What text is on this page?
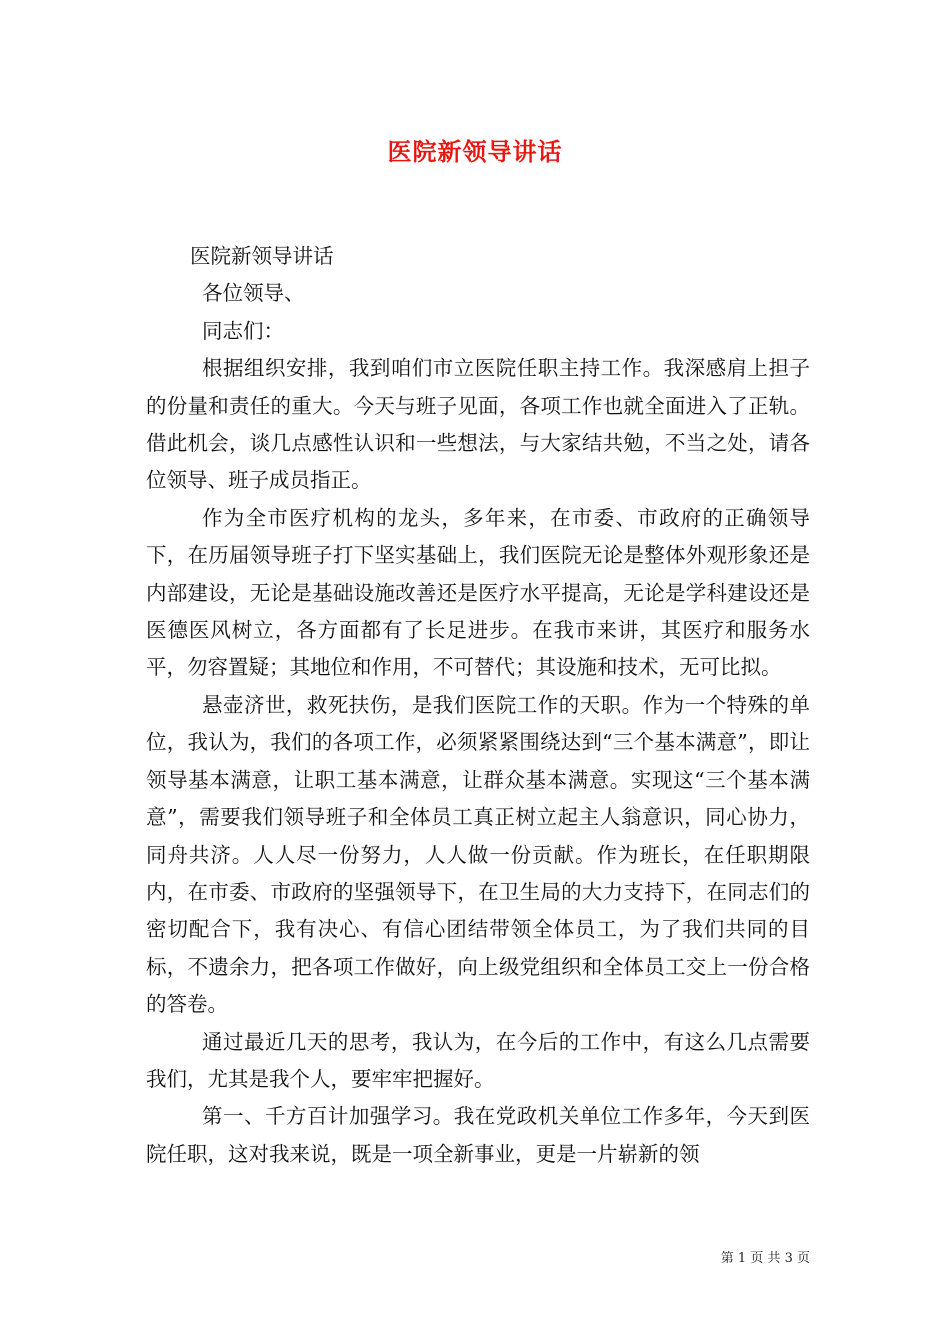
医院新领导讲话

医院新领导讲话

各位领导、

同志们：

根据组织安排，我到咱们市立医院任职主持工作。我深感肩上担子的份量和责任的重大。今天与班子见面，各项工作也就全面进入了正轨。借此机会，谈几点感性认识和一些想法，与大家结共勉，不当之处，请各位领导、班子成员指正。

作为全市医疗机构的龙头，多年来，在市委、市政府的正确领导下，在历届领导班子打下坚实基础上，我们医院无论是整体外观形象还是内部建设，无论是基础设施改善还是医疗水平提高，无论是学科建设还是医德医风树立，各方面都有了长足进步。在我市来讲，其医疗和服务水平，勿容置疑；其地位和作用，不可替代；其设施和技术，无可比拟。

悬壶济世，救死扶伤，是我们医院工作的天职。作为一个特殊的单位，我认为，我们的各项工作，必须紧紧围绕达到“三个基本满意”，即让领导基本满意，让职工基本满意，让群众基本满意。实现这“三个基本满意”，需要我们领导班子和全体员工真正树立起主人翁意识，同心协力，同舟共济。人人尽一份努力，人人做一份贡献。作为班长，在任职期限内，在市委、市政府的坚强领导下，在卫生局的大力支持下，在同志们的密切配合下，我有决心、有信心团结带领全体员工，为了我们共同的目标，不遗余力，把各项工作做好，向上级党组织和全体员工交上一份合格的答卷。

通过最近几天的思考，我认为，在今后的工作中，有这么几点需要我们，尤其是我个人，要牢牢把握好。

第一、千方百计加强学习。我在党政机关单位工作多年，今天到医院任职，这对我来说，既是一项全新事业，更是一片崭新的领

第 1 页 共 3 页
